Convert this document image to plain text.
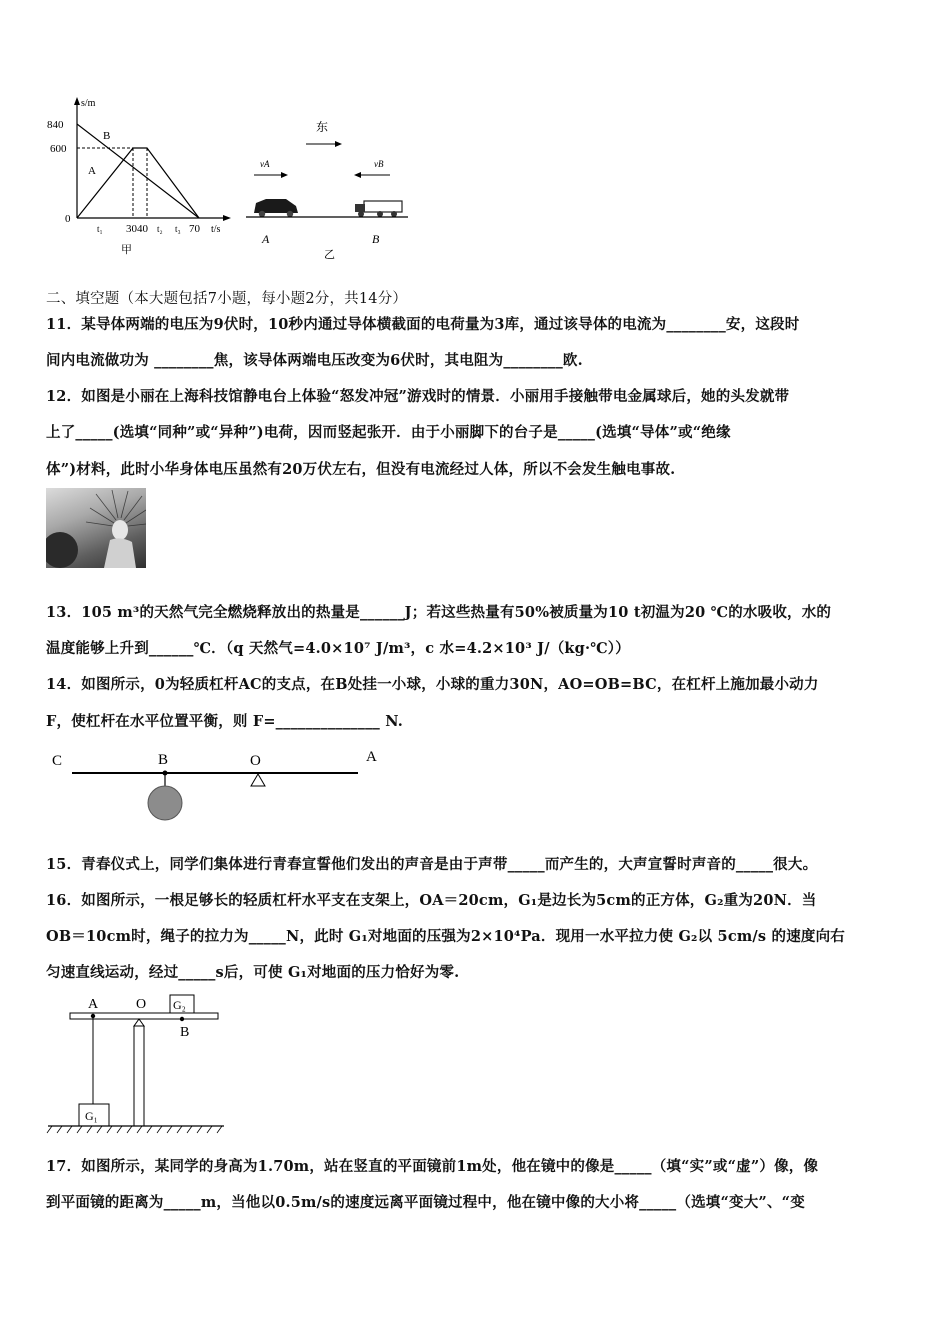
s/m
840
600
0
B
A
t₁ 3040 t₂ t₃ 70 t/s
甲
东
vA	vB
A	B
乙
二、填空题（本大题包括7小题，每小题2分，共14分）
11．某导体两端的电压为9伏时，10秒内通过导体横截面的电荷量为3库，通过该导体的电流为________安，这段时
间内电流做功为 ________焦，该导体两端电压改变为6伏时，其电阻为________欧.
12．如图是小丽在上海科技馆静电台上体验“怒发冲冠”游戏时的情景．小丽用手接触带电金属球后，她的头发就带
上了_____(选填“同种”或“异种”)电荷，因而竖起张开．由于小丽脚下的台子是_____(选填“导体”或“绝缘
体”)材料，此时小华身体电压虽然有20万伏左右，但没有电流经过人体，所以不会发生触电事故.
13．105 m³的天然气完全燃烧释放出的热量是______J；若这些热量有50%被质量为10 t初温为20 ℃的水吸收，水的
温度能够上升到______℃．（q 天然气=4.0×10⁷ J/m³，c 水=4.2×10³ J/（kg·℃））
14．如图所示，0为轻质杠杆AC的支点，在B处挂一小球，小球的重力30N，AO=OB=BC，在杠杆上施加最小动力
F，使杠杆在水平位置平衡，则 F=______________ N.
C	B	O	A
15．青春仪式上，同学们集体进行青春宣誓他们发出的声音是由于声带_____而产生的，大声宣誓时声音的_____很大。
16．如图所示，一根足够长的轻质杠杆水平支在支架上，OA＝20cm，G₁是边长为5cm的正方体，G₂重为20N．当
OB＝10cm时，绳子的拉力为_____N，此时 G₁对地面的压强为2×10⁴Pa．现用一水平拉力使 G₂以 5cm/s 的速度向右
匀速直线运动，经过_____s后，可使 G₁对地面的压力恰好为零.
A	O G₂
B
G₁
17．如图所示，某同学的身高为1.70m，站在竖直的平面镜前1m处，他在镜中的像是_____（填“实”或“虚”）像，像
到平面镜的距离为_____m，当他以0.5m/s的速度远离平面镜过程中，他在镜中像的大小将_____（选填“变大”、“变
